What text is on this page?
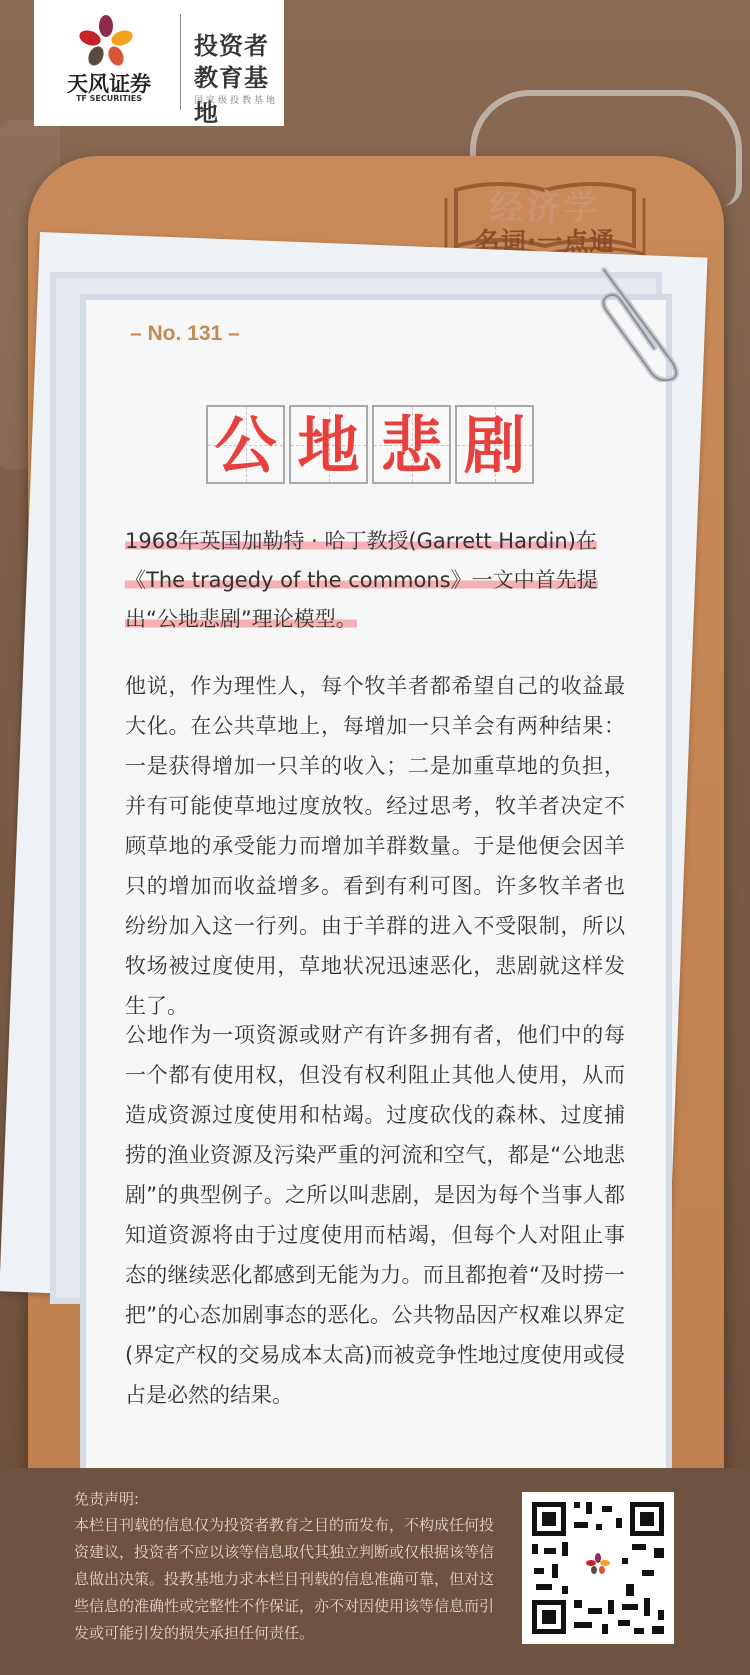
天风证券
TF SECURITIES
投资者
教育基地
国家级投教基地
经济学
名词·一点通
– No. 131 –
公 地 悲 剧
1968年英国加勒特 · 哈丁教授(Garrett Hardin)在《The tragedy of the commons》一文中首先提出“公地悲剧”理论模型。
他说，作为理性人，每个牧羊者都希望自己的收益最大化。在公共草地上，每增加一只羊会有两种结果：一是获得增加一只羊的收入；二是加重草地的负担，并有可能使草地过度放牧。经过思考，牧羊者决定不顾草地的承受能力而增加羊群数量。于是他便会因羊只的增加而收益增多。看到有利可图。许多牧羊者也纷纷加入这一行列。由于羊群的进入不受限制，所以牧场被过度使用，草地状况迅速恶化，悲剧就这样发生了。
公地作为一项资源或财产有许多拥有者，他们中的每一个都有使用权，但没有权利阻止其他人使用，从而造成资源过度使用和枯竭。过度砍伐的森林、过度捕捞的渔业资源及污染严重的河流和空气，都是“公地悲剧”的典型例子。之所以叫悲剧，是因为每个当事人都知道资源将由于过度使用而枯竭，但每个人对阻止事态的继续恶化都感到无能为力。而且都抱着“及时捞一把”的心态加剧事态的恶化。公共物品因产权难以界定(界定产权的交易成本太高)而被竞争性地过度使用或侵占是必然的结果。
免责声明:
本栏目刊载的信息仅为投资者教育之目的而发布，不构成任何投资建议，投资者不应以该等信息取代其独立判断或仅根据该等信息做出决策。投教基地力求本栏目刊载的信息准确可靠，但对这些信息的准确性或完整性不作保证，亦不对因使用该等信息而引发或可能引发的损失承担任何责任。
